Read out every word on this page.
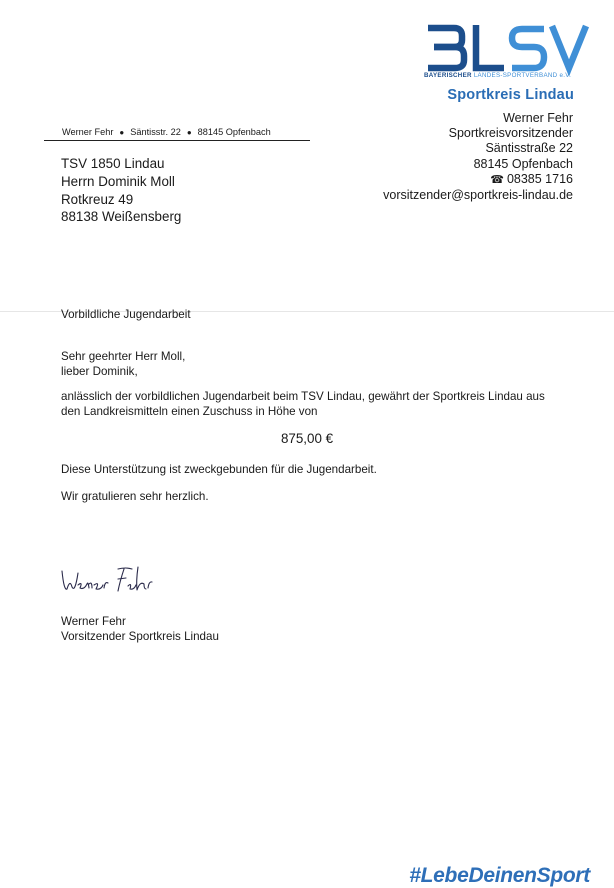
BAYERISCHER LANDES-SPORTVERBAND e.V.
Sportkreis Lindau
Werner Fehr
Sportkreisvorsitzender
Säntisstraße 22
88145 Opfenbach
☎ 08385 1716
vorsitzender@sportkreis-lindau.de
Werner Fehr ● Säntisstr. 22 ● 88145 Opfenbach
TSV 1850 Lindau
Herrn Dominik Moll
Rotkreuz 49
88138 Weißensberg
Vorbildliche Jugendarbeit
Sehr geehrter Herr Moll,
lieber Dominik,
anlässlich der vorbildlichen Jugendarbeit beim TSV Lindau, gewährt der Sportkreis Lindau aus
den Landkreismitteln einen Zuschuss in Höhe von
875,00 €
Diese Unterstützung ist zweckgebunden für die Jugendarbeit.
Wir gratulieren sehr herzlich.
Werner Fehr
Vorsitzender Sportkreis Lindau
#LebeDeinenSport
